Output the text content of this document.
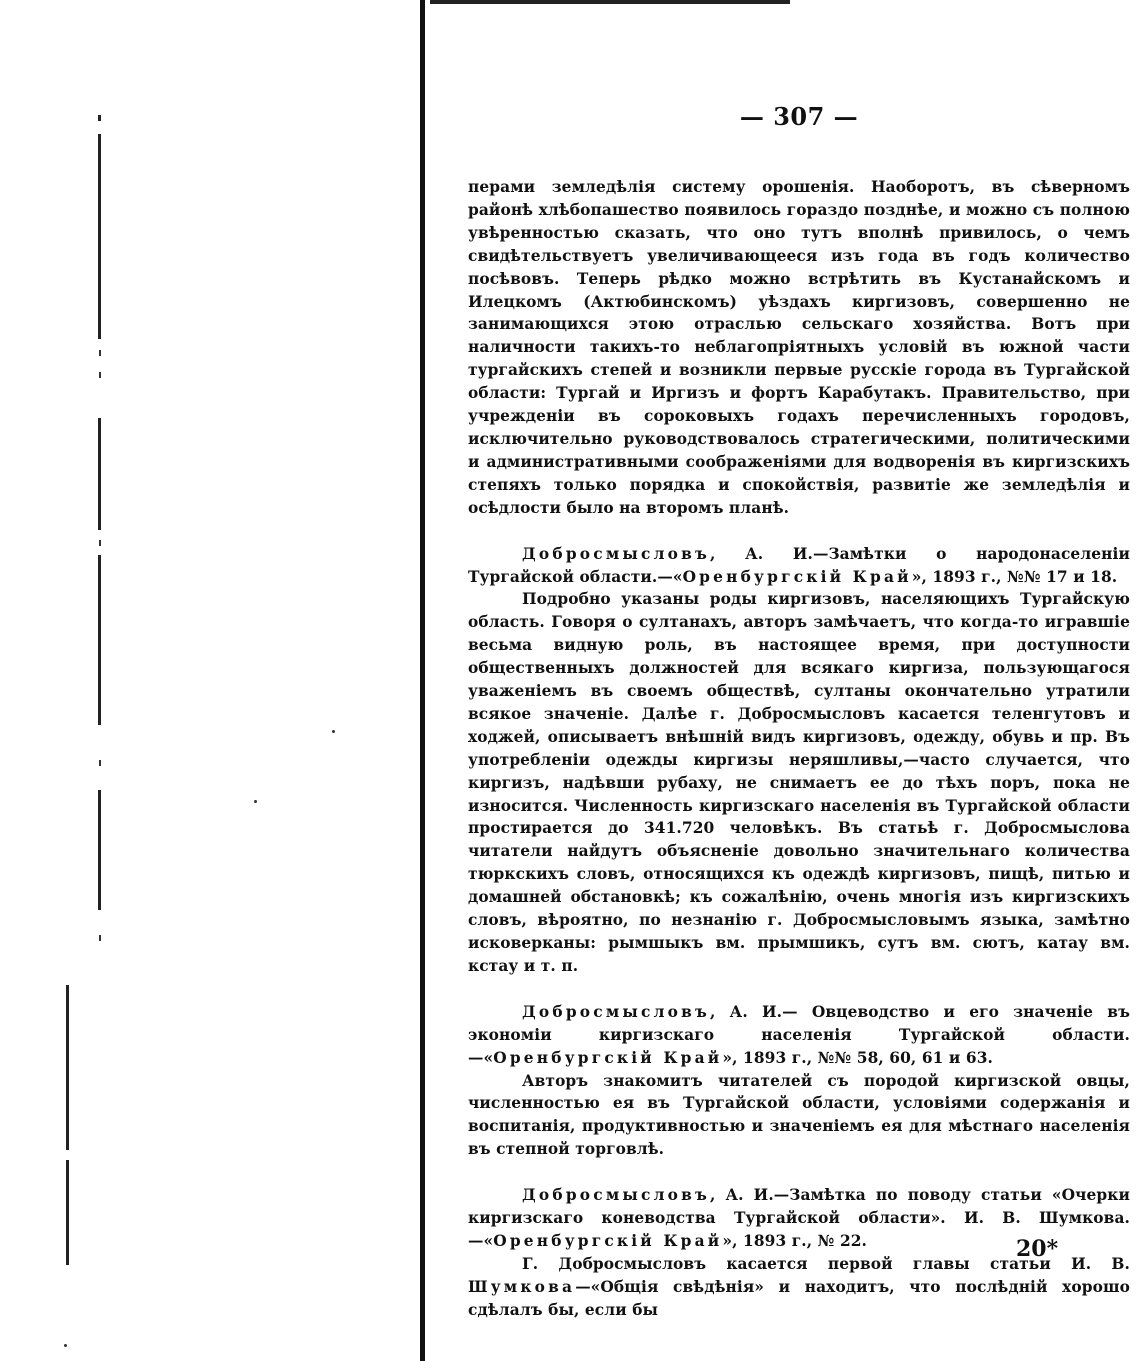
— 307 —

перами земледѣлія систему орошенія. Наоборотъ, въ сѣверномъ районѣ хлѣбопашество появилось гораздо позднѣе, и можно съ полною увѣренностью сказать, что оно тутъ вполнѣ привилось, о чемъ свидѣтельствуетъ увеличивающееся изъ года въ годъ количество посѣвовъ. Теперь рѣдко можно встрѣтить въ Кустанайскомъ и Илецкомъ (Актюбинскомъ) уѣздахъ киргизовъ, совершенно не занимающихся этою отраслью сельскаго хозяйства. Вотъ при наличности такихъ-то неблагопріятныхъ условій въ южной части тургайскихъ степей и возникли первые русскіе города въ Тургайской области: Тургай и Иргизъ и фортъ Карабутакъ. Правительство, при учрежденіи въ сороковыхъ годахъ перечисленныхъ городовъ, исключительно руководствовалось стратегическими, политическими и административными соображеніями для водворенія въ киргизскихъ степяхъ только порядка и спокойствія, развитіе же земледѣлія и осѣдлости было на второмъ планѣ.

Добросмысловъ, А. И.—Замѣтки о народонаселеніи Тургайской области.—«Оренбургскій Край», 1893 г., №№ 17 и 18.

Подробно указаны роды киргизовъ, населяющихъ Тургайскую область. Говоря о султанахъ, авторъ замѣчаетъ, что когда-то игравшіе весьма видную роль, въ настоящее время, при доступности общественныхъ должностей для всякаго киргиза, пользующагося уваженіемъ въ своемъ обществѣ, султаны окончательно утратили всякое значеніе. Далѣе г. Добросмысловъ касается теленгутовъ и ходжей, описываетъ внѣшній видъ киргизовъ, одежду, обувь и пр. Въ употребленіи одежды киргизы неряшливы,—часто случается, что киргизъ, надѣвши рубаху, не снимаетъ ее до тѣхъ поръ, пока не износится. Численность киргизскаго населенія въ Тургайской области простирается до 341.720 человѣкъ. Въ статьѣ г. Добросмыслова читатели найдутъ объясненіе довольно значительнаго количества тюркскихъ словъ, относящихся къ одеждѣ киргизовъ, пищѣ, питью и домашней обстановкѣ; къ сожалѣнію, очень многія изъ киргизскихъ словъ, вѣроятно, по незнанію г. Добросмысловымъ языка, замѣтно исковерканы: рымшыкъ вм. прымшикъ, сутъ вм. сютъ, катау вм. кстау и т. п.

Добросмысловъ, А. И.— Овцеводство и его значеніе въ экономіи киргизскаго населенія Тургайской области.—«Оренбургскій Край», 1893 г., №№ 58, 60, 61 и 63.

Авторъ знакомитъ читателей съ породой киргизской овцы, численностью ея въ Тургайской области, условіями содержанія и воспитанія, продуктивностью и значеніемъ ея для мѣстнаго населенія въ степной торговлѣ.

Добросмысловъ, А. И.—Замѣтка по поводу статьи «Очерки киргизскаго коневодства Тургайской области». И. В. Шумкова.—«Оренбургскій Край», 1893 г., № 22.

Г. Добросмысловъ касается первой главы статьи И. В. Шумкова—«Общія свѣдѣнія» и находитъ, что послѣдній хорошо сдѣлалъ бы, если бы

20*
